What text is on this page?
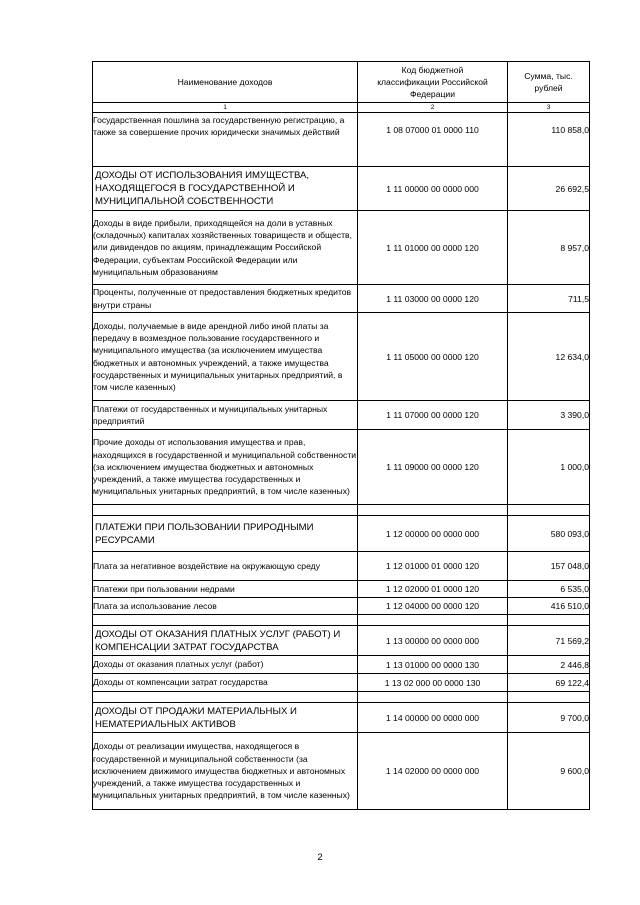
Наименование доходов	Код бюджетной классификации Российской Федерации	Сумма, тыс. рублей
1	2	3
Государственная пошлина за государственную регистрацию, а также за совершение прочих юридически значимых действий	1 08 07000 01 0000 110	110 858,0
ДОХОДЫ ОТ ИСПОЛЬЗОВАНИЯ ИМУЩЕСТВА, НАХОДЯЩЕГОСЯ В ГОСУДАРСТВЕННОЙ И МУНИЦИПАЛЬНОЙ СОБСТВЕННОСТИ	1 11 00000 00 0000 000	26 692,5
Доходы в виде прибыли, приходящейся на доли в уставных (складочных) капиталах хозяйственных товариществ и обществ, или дивидендов по акциям, принадлежащим Российской Федерации, субъектам Российской Федерации или муниципальным образованиям	1 11 01000 00 0000 120	8 957,0
Проценты, полученные от предоставления бюджетных кредитов внутри страны	1 11 03000 00 0000 120	711,5
Доходы, получаемые в виде арендной либо иной платы за передачу в возмездное пользование государственного и муниципального имущества (за исключением имущества бюджетных и автономных учреждений, а также имущества государственных и муниципальных унитарных предприятий, в том числе казенных)	1 11 05000 00 0000 120	12 634,0
Платежи от государственных и муниципальных унитарных предприятий	1 11 07000 00 0000 120	3 390,0
Прочие доходы от использования имущества и прав, находящихся в государственной и муниципальной собственности (за исключением имущества бюджетных и автономных учреждений, а также имущества государственных и муниципальных унитарных предприятий, в том числе казенных)	1 11 09000 00 0000 120	1 000,0

ПЛАТЕЖИ ПРИ ПОЛЬЗОВАНИИ ПРИРОДНЫМИ РЕСУРСАМИ	1 12 00000 00 0000 000	580 093,0
Плата за негативное воздействие на окружающую среду	1 12 01000 01 0000 120	157 048,0
Платежи при пользовании недрами	1 12 02000 01 0000 120	6 535,0
Плата за использование лесов	1 12 04000 00 0000 120	416 510,0

ДОХОДЫ ОТ ОКАЗАНИЯ ПЛАТНЫХ УСЛУГ (РАБОТ) И КОМПЕНСАЦИИ ЗАТРАТ ГОСУДАРСТВА	1 13 00000 00 0000 000	71 569,2
Доходы от оказания платных услуг (работ)	1 13 01000 00 0000 130	2 446,8
Доходы от компенсации затрат государства	1 13 02 000 00 0000 130	69 122,4

ДОХОДЫ ОТ ПРОДАЖИ МАТЕРИАЛЬНЫХ И НЕМАТЕРИАЛЬНЫХ АКТИВОВ	1 14 00000 00 0000 000	9 700,0
Доходы от реализации имущества, находящегося в государственной и муниципальной собственности (за исключением движимого имущества бюджетных и автономных учреждений, а также имущества государственных и муниципальных унитарных предприятий, в том числе казенных)	1 14 02000 00 0000 000	9 600,0
2
